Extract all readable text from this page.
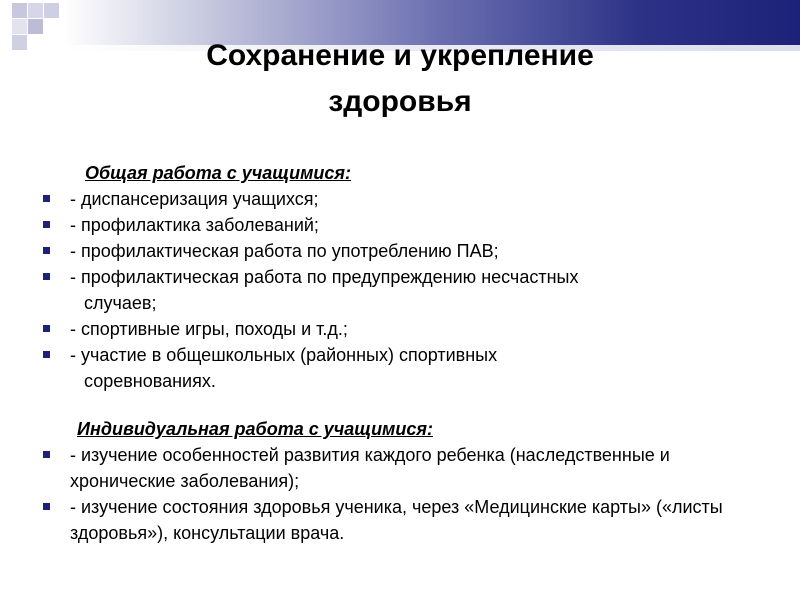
Сохранение и укрепление
здоровья
Общая работа с учащимися:
- диспансеризация учащихся;
- профилактика заболеваний;
- профилактическая работа по употреблению ПАВ;
- профилактическая работа по предупреждению несчастных
случаев;
- спортивные игры, походы и т.д.;
- участие в общешкольных (районных) спортивных
соревнованиях.
Индивидуальная работа с учащимися:
- изучение особенностей развития каждого ребенка (наследственные и хронические заболевания);
- изучение состояния здоровья ученика, через «Медицинские карты» («листы здоровья»), консультации врача.
